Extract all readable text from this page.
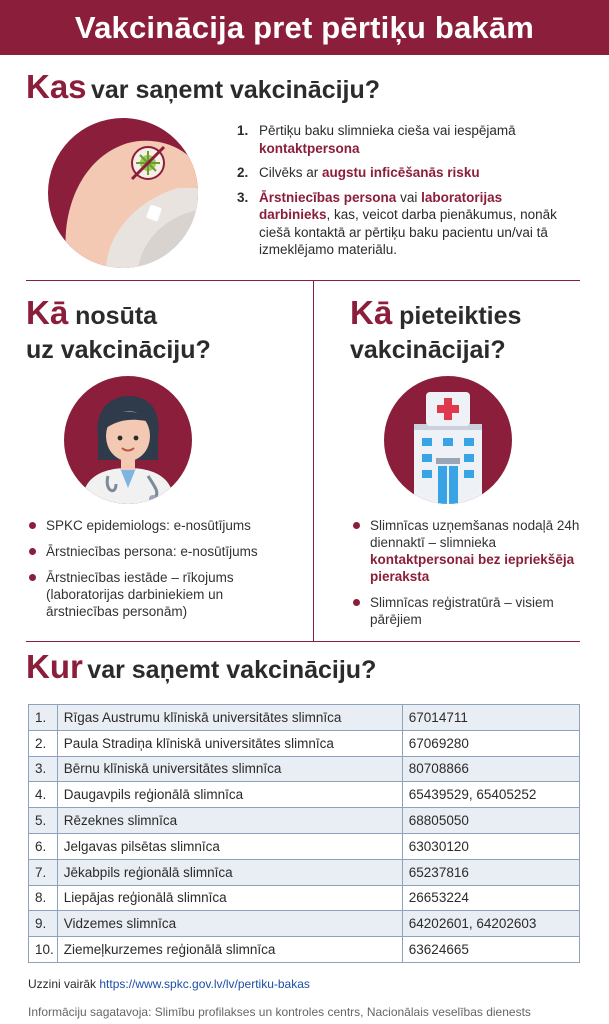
Vakcinācija pret pērtiķu bakām
Kas var saņemt vakcināciju?
1. Pērtiķu baku slimnieka cieša vai iespējamā kontaktpersona
2. Cilvēks ar augstu inficēšanās risku
3. Ārstniecības persona vai laboratorijas darbinieks, kas, veicot darba pienākumus, nonāk ciešā kontaktā ar pērtiķu baku pacientu un/vai tā izmeklējamo materiālu.
Kā nosūta
uz vakcināciju?
SPKC epidemiologs: e-nosūtījums
Ārstniecības persona: e-nosūtījums
Ārstniecības iestāde – rīkojums (laboratorijas darbiniekiem un ārstniecības personām)
Kā pieteikties
vakcinācijai?
Slimnīcas uzņemšanas nodaļā 24h diennaktī – slimnieka kontaktpersonai bez iepriekšēja pieraksta
Slimnīcas reģistratūrā – visiem pārējiem
Kur var saņemt vakcināciju?
1.	Rīgas Austrumu klīniskā universitātes slimnīca	67014711
2.	Paula Stradiņa klīniskā universitātes slimnīca	67069280
3.	Bērnu klīniskā universitātes slimnīca	80708866
4.	Daugavpils reģionālā slimnīca	65439529, 65405252
5.	Rēzeknes slimnīca	68805050
6.	Jelgavas pilsētas slimnīca	63030120
7.	Jēkabpils reģionālā slimnīca	65237816
8.	Liepājas reģionālā slimnīca	26653224
9.	Vidzemes slimnīca	64202601, 64202603
10.	Ziemeļkurzemes reģionālā slimnīca	63624665
Uzzini vairāk https://www.spkc.gov.lv/lv/pertiku-bakas
Informāciju sagatavoja: Slimību profilakses un kontroles centrs, Nacionālais veselības dienests
